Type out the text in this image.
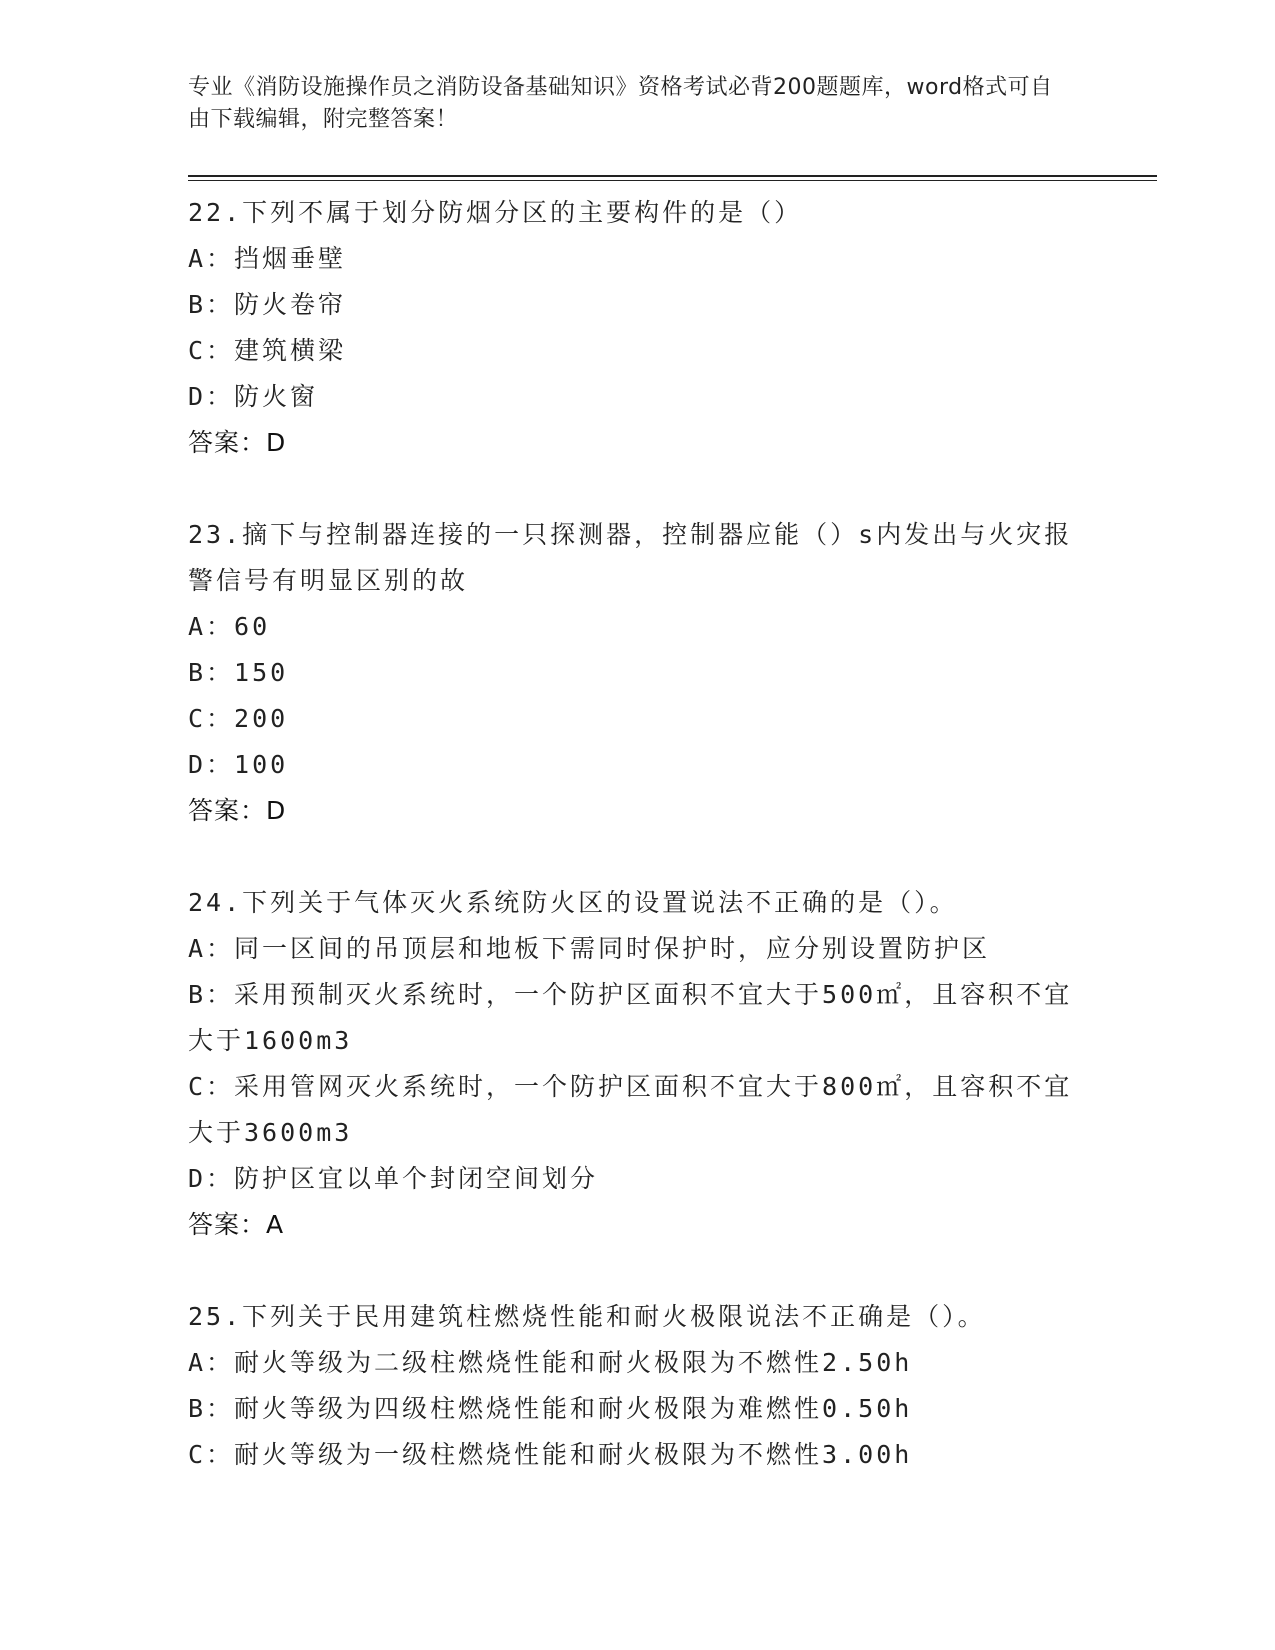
专业《消防设施操作员之消防设备基础知识》资格考试必背200题题库，word格式可自由下载编辑，附完整答案！
22.下列不属于划分防烟分区的主要构件的是（）
A：挡烟垂壁
B：防火卷帘
C：建筑横梁
D：防火窗
答案：D
23.摘下与控制器连接的一只探测器，控制器应能（）s内发出与火灾报警信号有明显区别的故
A：60
B：150
C：200
D：100
答案：D
24.下列关于气体灭火系统防火区的设置说法不正确的是（）。
A：同一区间的吊顶层和地板下需同时保护时，应分别设置防护区
B：采用预制灭火系统时，一个防护区面积不宜大于500㎡，且容积不宜大于1600m3
C：采用管网灭火系统时，一个防护区面积不宜大于800㎡，且容积不宜大于3600m3
D：防护区宜以单个封闭空间划分
答案：A
25.下列关于民用建筑柱燃烧性能和耐火极限说法不正确是（）。
A：耐火等级为二级柱燃烧性能和耐火极限为不燃性2.50h
B：耐火等级为四级柱燃烧性能和耐火极限为难燃性0.50h
C：耐火等级为一级柱燃烧性能和耐火极限为不燃性3.00h
